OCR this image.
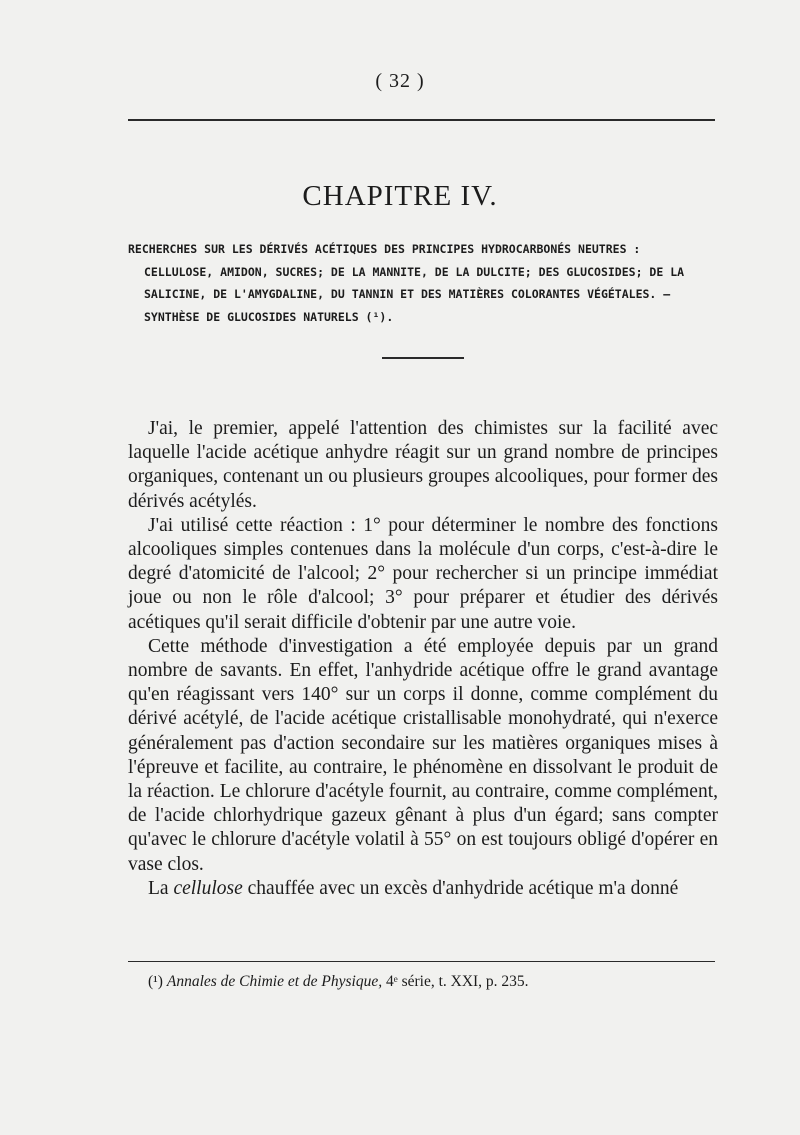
( 32 )
CHAPITRE IV.
RECHERCHES SUR LES DÉRIVÉS ACÉTIQUES DES PRINCIPES HYDROCARBONÉS NEUTRES :
CELLULOSE, AMIDON, SUCRES; DE LA MANNITE, DE LA DULCITE; DES GLUCOSIDES; DE LA
SALICINE, DE L'AMYGDALINE, DU TANNIN ET DES MATIÈRES COLORANTES VÉGÉTALES. —
SYNTHÈSE DE GLUCOSIDES NATURELS (¹).

J'ai, le premier, appelé l'attention des chimistes sur la facilité avec laquelle l'acide acétique anhydre réagit sur un grand nombre de principes organiques, contenant un ou plusieurs groupes alcooliques, pour former des dérivés acétylés.

J'ai utilisé cette réaction : 1° pour déterminer le nombre des fonctions alcooliques simples contenues dans la molécule d'un corps, c'est-à-dire le degré d'atomicité de l'alcool; 2° pour rechercher si un principe immédiat joue ou non le rôle d'alcool; 3° pour préparer et étudier des dérivés acétiques qu'il serait difficile d'obtenir par une autre voie.

Cette méthode d'investigation a été employée depuis par un grand nombre de savants. En effet, l'anhydride acétique offre le grand avantage qu'en réagissant vers 140° sur un corps il donne, comme complément du dérivé acétylé, de l'acide acétique cristallisable monohydraté, qui n'exerce généralement pas d'action secondaire sur les matières organiques mises à l'épreuve et facilite, au contraire, le phénomène en dissolvant le produit de la réaction. Le chlorure d'acétyle fournit, au contraire, comme complément, de l'acide chlorhydrique gazeux gênant à plus d'un égard; sans compter qu'avec le chlorure d'acétyle volatil à 55° on est toujours obligé d'opérer en vase clos.

La cellulose chauffée avec un excès d'anhydride acétique m'a donné

(¹) Annales de Chimie et de Physique, 4ᵉ série, t. XXI, p. 235.
